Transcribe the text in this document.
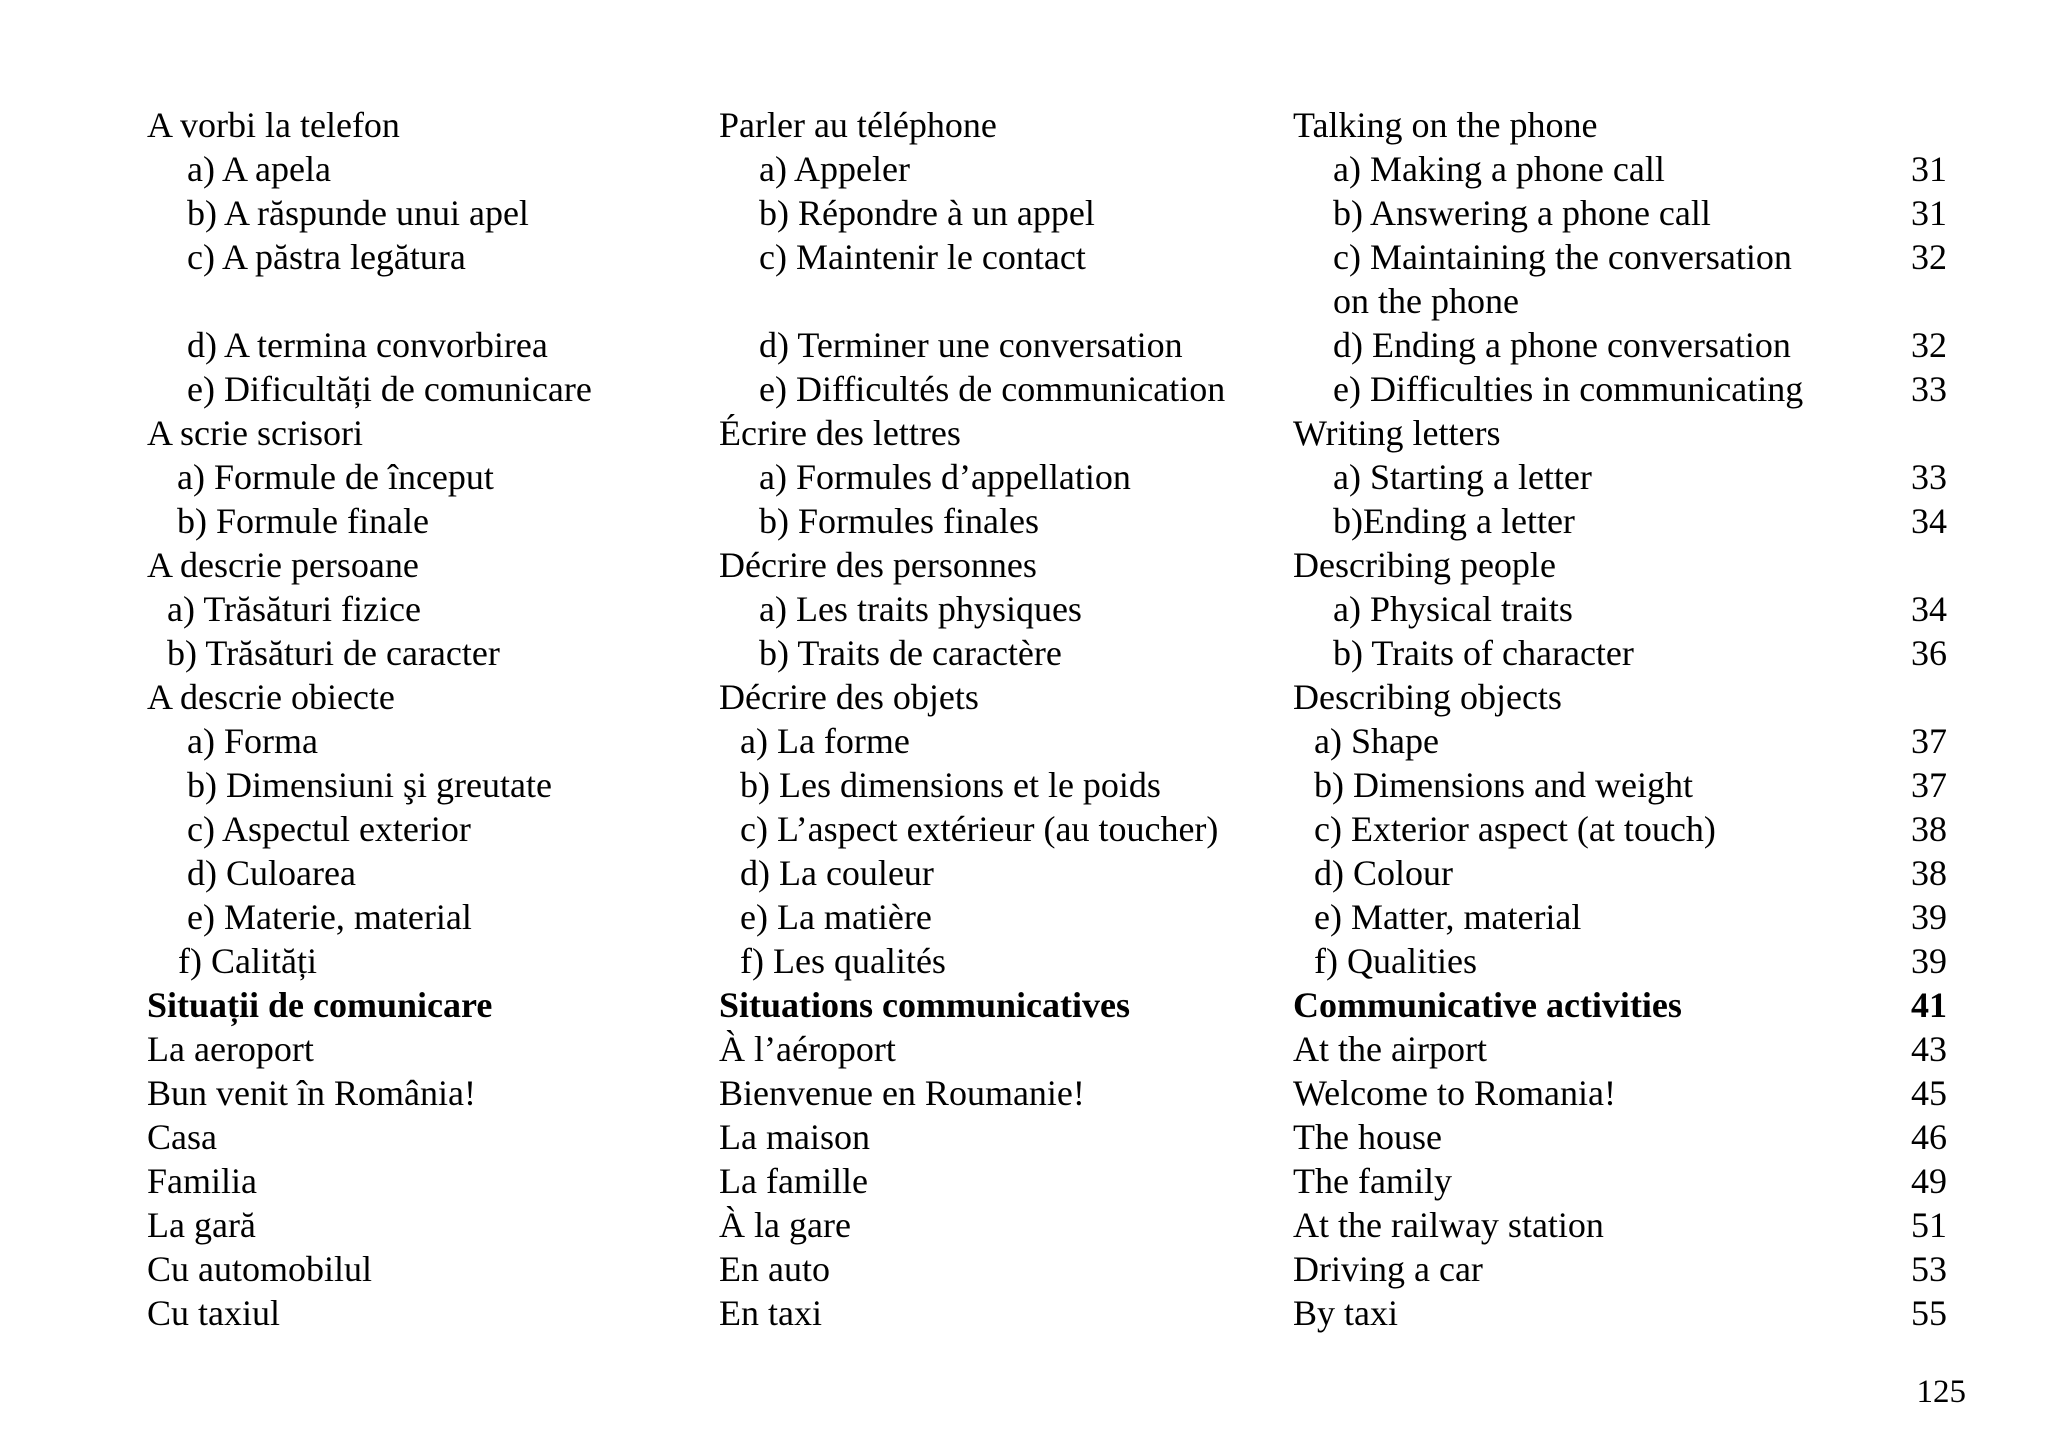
A vorbi la telefon	Parler au téléphone	Talking on the phone
a) A apela	a) Appeler	a) Making a phone call	31
b) A răspunde unui apel	b) Répondre à un appel	b) Answering a phone call	31
c) A păstra legătura	c) Maintenir le contact	c) Maintaining the conversation	32
on the phone
d) A termina convorbirea	d) Terminer une conversation	d) Ending a phone conversation	32
e) Dificultăți de comunicare	e) Difficultés de communication	e) Difficulties in communicating	33
A scrie scrisori	Écrire des lettres	Writing letters
a) Formule de început	a) Formules d’appellation	a) Starting a letter	33
b) Formule finale	b) Formules finales	b)Ending a letter	34
A descrie persoane	Décrire des personnes	Describing people
a) Trăsături fizice	a) Les traits physiques	a) Physical traits	34
b) Trăsături de caracter	b) Traits de caractère	b) Traits of character	36
A descrie obiecte	Décrire des objets	Describing objects
a) Forma	a) La forme	a) Shape	37
b) Dimensiuni şi greutate	b) Les dimensions et le poids	b) Dimensions and weight	37
c) Aspectul exterior	c) L’aspect extérieur (au toucher)	c) Exterior aspect (at touch)	38
d) Culoarea	d) La couleur	d) Colour	38
e) Materie, material	e) La matière	e) Matter, material	39
f) Calități	f) Les qualités	f) Qualities	39
Situații de comunicare	Situations communicatives	Communicative activities	41
La aeroport	À l’aéroport	At the airport	43
Bun venit în România!	Bienvenue en Roumanie!	Welcome to Romania!	45
Casa	La maison	The house	46
Familia	La famille	The family	49
La gară	À la gare	At the railway station	51
Cu automobilul	En auto	Driving a car	53
Cu taxiul	En taxi	By taxi	55
125
